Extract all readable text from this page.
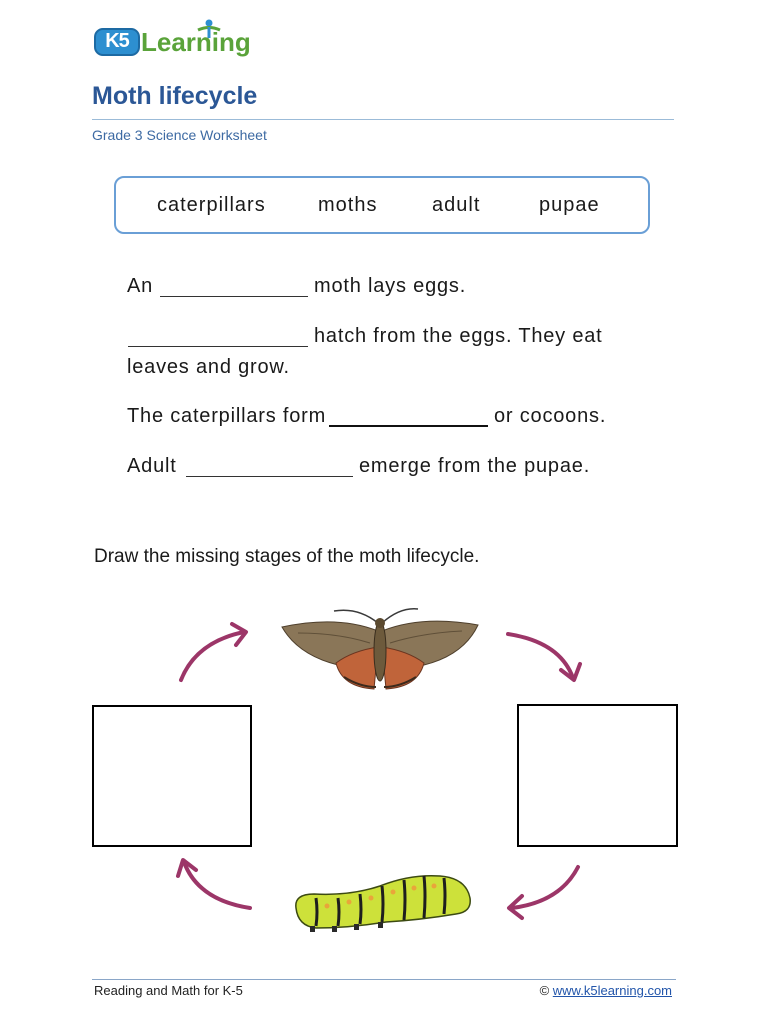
K5 Learning
Moth lifecycle
Grade 3 Science Worksheet
caterpillars	moths	adult	pupae
An	moth lays eggs.
hatch from the eggs. They eat
leaves and grow.
The caterpillars form	or cocoons.
Adult	emerge from the pupae.
Draw the missing stages of the moth lifecycle.
Reading and Math for K-5	© www.k5learning.com
